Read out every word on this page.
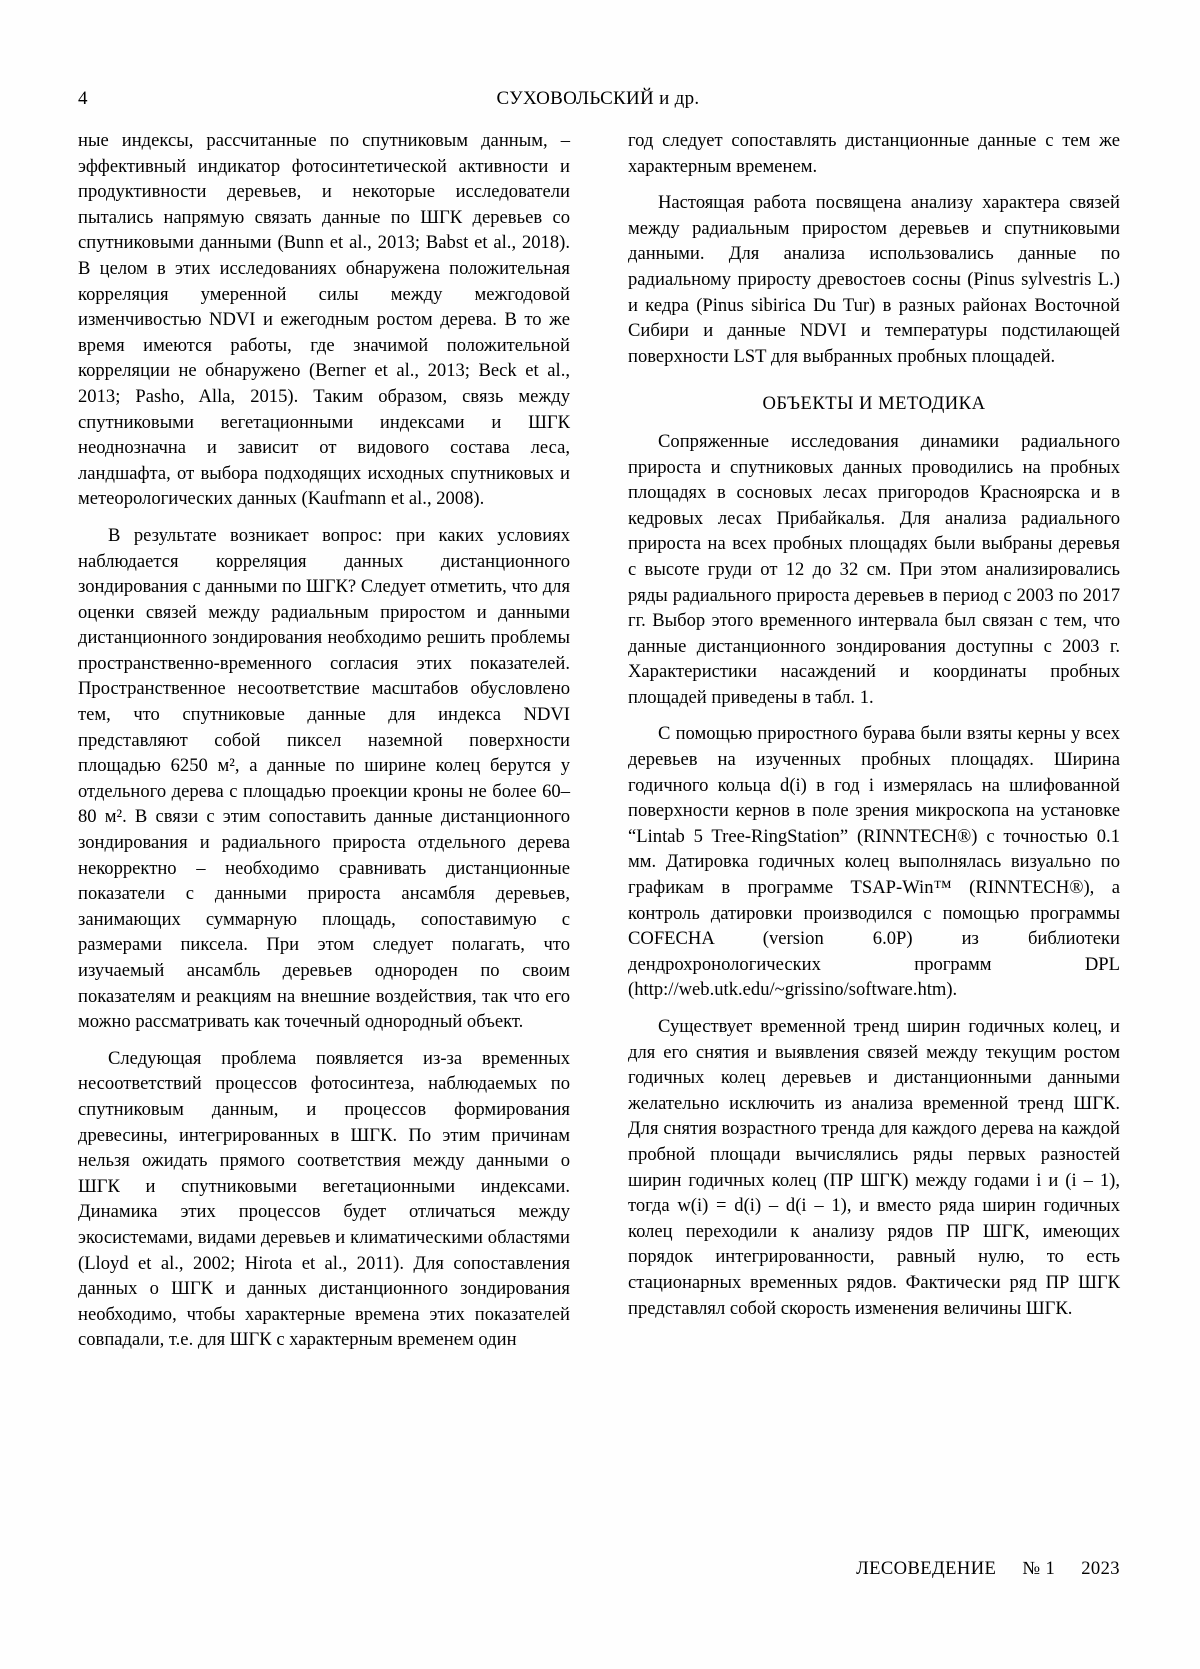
4	СУХОВОЛЬСКИЙ и др.

ные индексы, рассчитанные по спутниковым данным, – эффективный индикатор фотосинтетической активности и продуктивности деревьев, и некоторые исследователи пытались напрямую связать данные по ШГК деревьев со спутниковыми данными (Bunn et al., 2013; Babst et al., 2018). В целом в этих исследованиях обнаружена положительная корреляция умеренной силы между межгодовой изменчивостью NDVI и ежегодным ростом дерева. В то же время имеются работы, где значимой положительной корреляции не обнаружено (Berner et al., 2013; Beck et al., 2013; Pasho, Alla, 2015). Таким образом, связь между спутниковыми вегетационными индексами и ШГК неоднозначна и зависит от видового состава леса, ландшафта, от выбора подходящих исходных спутниковых и метеорологических данных (Kaufmann et al., 2008).

В результате возникает вопрос: при каких условиях наблюдается корреляция данных дистанционного зондирования с данными по ШГК? Следует отметить, что для оценки связей между радиальным приростом и данными дистанционного зондирования необходимо решить проблемы пространственно-временного согласия этих показателей. Пространственное несоответствие масштабов обусловлено тем, что спутниковые данные для индекса NDVI представляют собой пиксел наземной поверхности площадью 6250 м², а данные по ширине колец берутся у отдельного дерева с площадью проекции кроны не более 60–80 м². В связи с этим сопоставить данные дистанционного зондирования и радиального прироста отдельного дерева некорректно – необходимо сравнивать дистанционные показатели с данными прироста ансамбля деревьев, занимающих суммарную площадь, сопоставимую с размерами пиксела. При этом следует полагать, что изучаемый ансамбль деревьев однороден по своим показателям и реакциям на внешние воздействия, так что его можно рассматривать как точечный однородный объект.

Следующая проблема появляется из-за временных несоответствий процессов фотосинтеза, наблюдаемых по спутниковым данным, и процессов формирования древесины, интегрированных в ШГК. По этим причинам нельзя ожидать прямого соответствия между данными о ШГК и спутниковыми вегетационными индексами. Динамика этих процессов будет отличаться между экосистемами, видами деревьев и климатическими областями (Lloyd et al., 2002; Hirota et al., 2011). Для сопоставления данных о ШГК и данных дистанционного зондирования необходимо, чтобы характерные времена этих показателей совпадали, т.е. для ШГК с характерным временем один

год следует сопоставлять дистанционные данные с тем же характерным временем.

Настоящая работа посвящена анализу характера связей между радиальным приростом деревьев и спутниковыми данными. Для анализа использовались данные по радиальному приросту древостоев сосны (Pinus sylvestris L.) и кедра (Pinus sibirica Du Tur) в разных районах Восточной Сибири и данные NDVI и температуры подстилающей поверхности LST для выбранных пробных площадей.

ОБЪЕКТЫ И МЕТОДИКА

Сопряженные исследования динамики радиального прироста и спутниковых данных проводились на пробных площадях в сосновых лесах пригородов Красноярска и в кедровых лесах Прибайкалья. Для анализа радиального прироста на всех пробных площадях были выбраны деревья с высоте груди от 12 до 32 см. При этом анализировались ряды радиального прироста деревьев в период с 2003 по 2017 гг. Выбор этого временного интервала был связан с тем, что данные дистанционного зондирования доступны с 2003 г. Характеристики насаждений и координаты пробных площадей приведены в табл. 1.

С помощью приростного бурава были взяты керны у всех деревьев на изученных пробных площадях. Ширина годичного кольца d(i) в год i измерялась на шлифованной поверхности кернов в поле зрения микроскопа на установке “Lintab 5 Tree-RingStation” (RINNTECH®) с точностью 0.1 мм. Датировка годичных колец выполнялась визуально по графикам в программе TSAP-Win™ (RINNTECH®), а контроль датировки производился с помощью программы COFECHA (version 6.0P) из библиотеки дендрохронологических программ DPL (http://web.utk.edu/~grissino/software.htm).

Существует временной тренд ширин годичных колец, и для его снятия и выявления связей между текущим ростом годичных колец деревьев и дистанционными данными желательно исключить из анализа временной тренд ШГК. Для снятия возрастного тренда для каждого дерева на каждой пробной площади вычислялись ряды первых разностей ширин годичных колец (ПР ШГК) между годами i и (i – 1), тогда w(i) = d(i) – d(i – 1), и вместо ряда ширин годичных колец переходили к анализу рядов ПР ШГК, имеющих порядок интегрированности, равный нулю, то есть стационарных временных рядов. Фактически ряд ПР ШГК представлял собой скорость изменения величины ШГК.

ЛЕСОВЕДЕНИЕ № 1 2023
